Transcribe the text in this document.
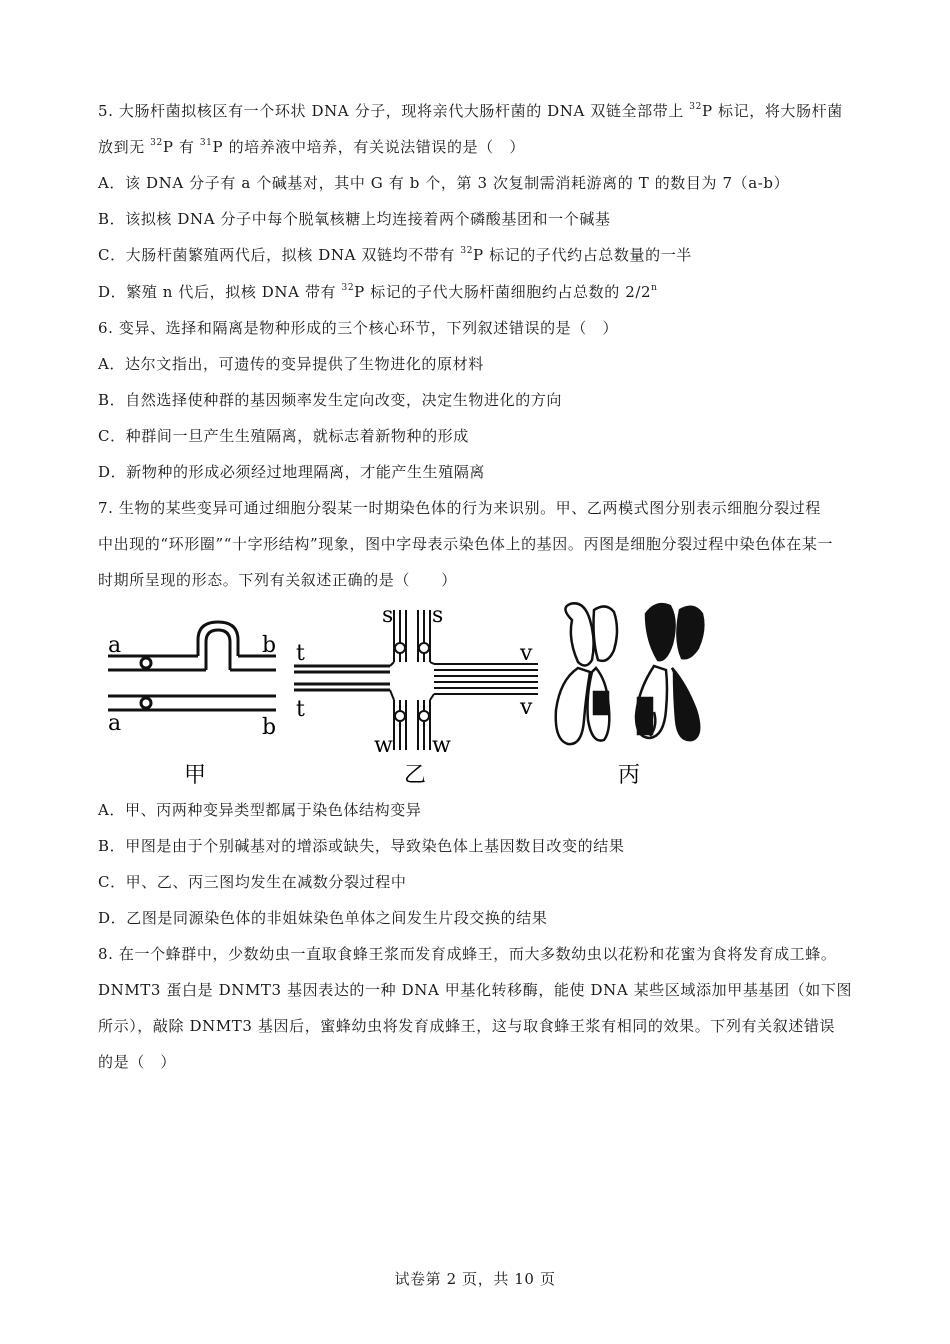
5. 大肠杆菌拟核区有一个环状 DNA 分子，现将亲代大肠杆菌的 DNA 双链全部带上 $^{32}$P 标记，将大肠杆菌
放到无 $^{32}$P 有 $^{31}$P 的培养液中培养，有关说法错误的是（　）
A．该 DNA 分子有 a 个碱基对，其中 G 有 b 个，第 3 次复制需消耗游离的 T 的数目为 7（a-b）
B．该拟核 DNA 分子中每个脱氧核糖上均连接着两个磷酸基团和一个碱基
C．大肠杆菌繁殖两代后，拟核 DNA 双链均不带有 $^{32}$P 标记的子代约占总数量的一半
D．繁殖 n 代后，拟核 DNA 带有 $^{32}$P 标记的子代大肠杆菌细胞约占总数的 2/2$^n$
6. 变异、选择和隔离是物种形成的三个核心环节，下列叙述错误的是（　）
A．达尔文指出，可遗传的变异提供了生物进化的原材料
B．自然选择使种群的基因频率发生定向改变，决定生物进化的方向
C．种群间一旦产生生殖隔离，就标志着新物种的形成
D．新物种的形成必须经过地理隔离，才能产生生殖隔离
7. 生物的某些变异可通过细胞分裂某一时期染色体的行为来识别。甲、乙两模式图分别表示细胞分裂过程
中出现的“环形圈”“十字形结构”现象，图中字母表示染色体上的基因。丙图是细胞分裂过程中染色体在某一
时期所呈现的形态。下列有关叙述正确的是（　　）
a
a
b
b
s s
t
t
v
v
w w
甲	乙	丙
A．甲、丙两种变异类型都属于染色体结构变异
B．甲图是由于个别碱基对的增添或缺失，导致染色体上基因数目改变的结果
C．甲、乙、丙三图均发生在减数分裂过程中
D．乙图是同源染色体的非姐妹染色单体之间发生片段交换的结果
8. 在一个蜂群中，少数幼虫一直取食蜂王浆而发育成蜂王，而大多数幼虫以花粉和花蜜为食将发育成工蜂。
DNMT3 蛋白是 DNMT3 基因表达的一种 DNA 甲基化转移酶，能使 DNA 某些区域添加甲基基团（如下图
所示），敲除 DNMT3 基因后，蜜蜂幼虫将发育成蜂王，这与取食蜂王浆有相同的效果。下列有关叙述错误
的是（　）
试卷第 2 页，共 10 页
